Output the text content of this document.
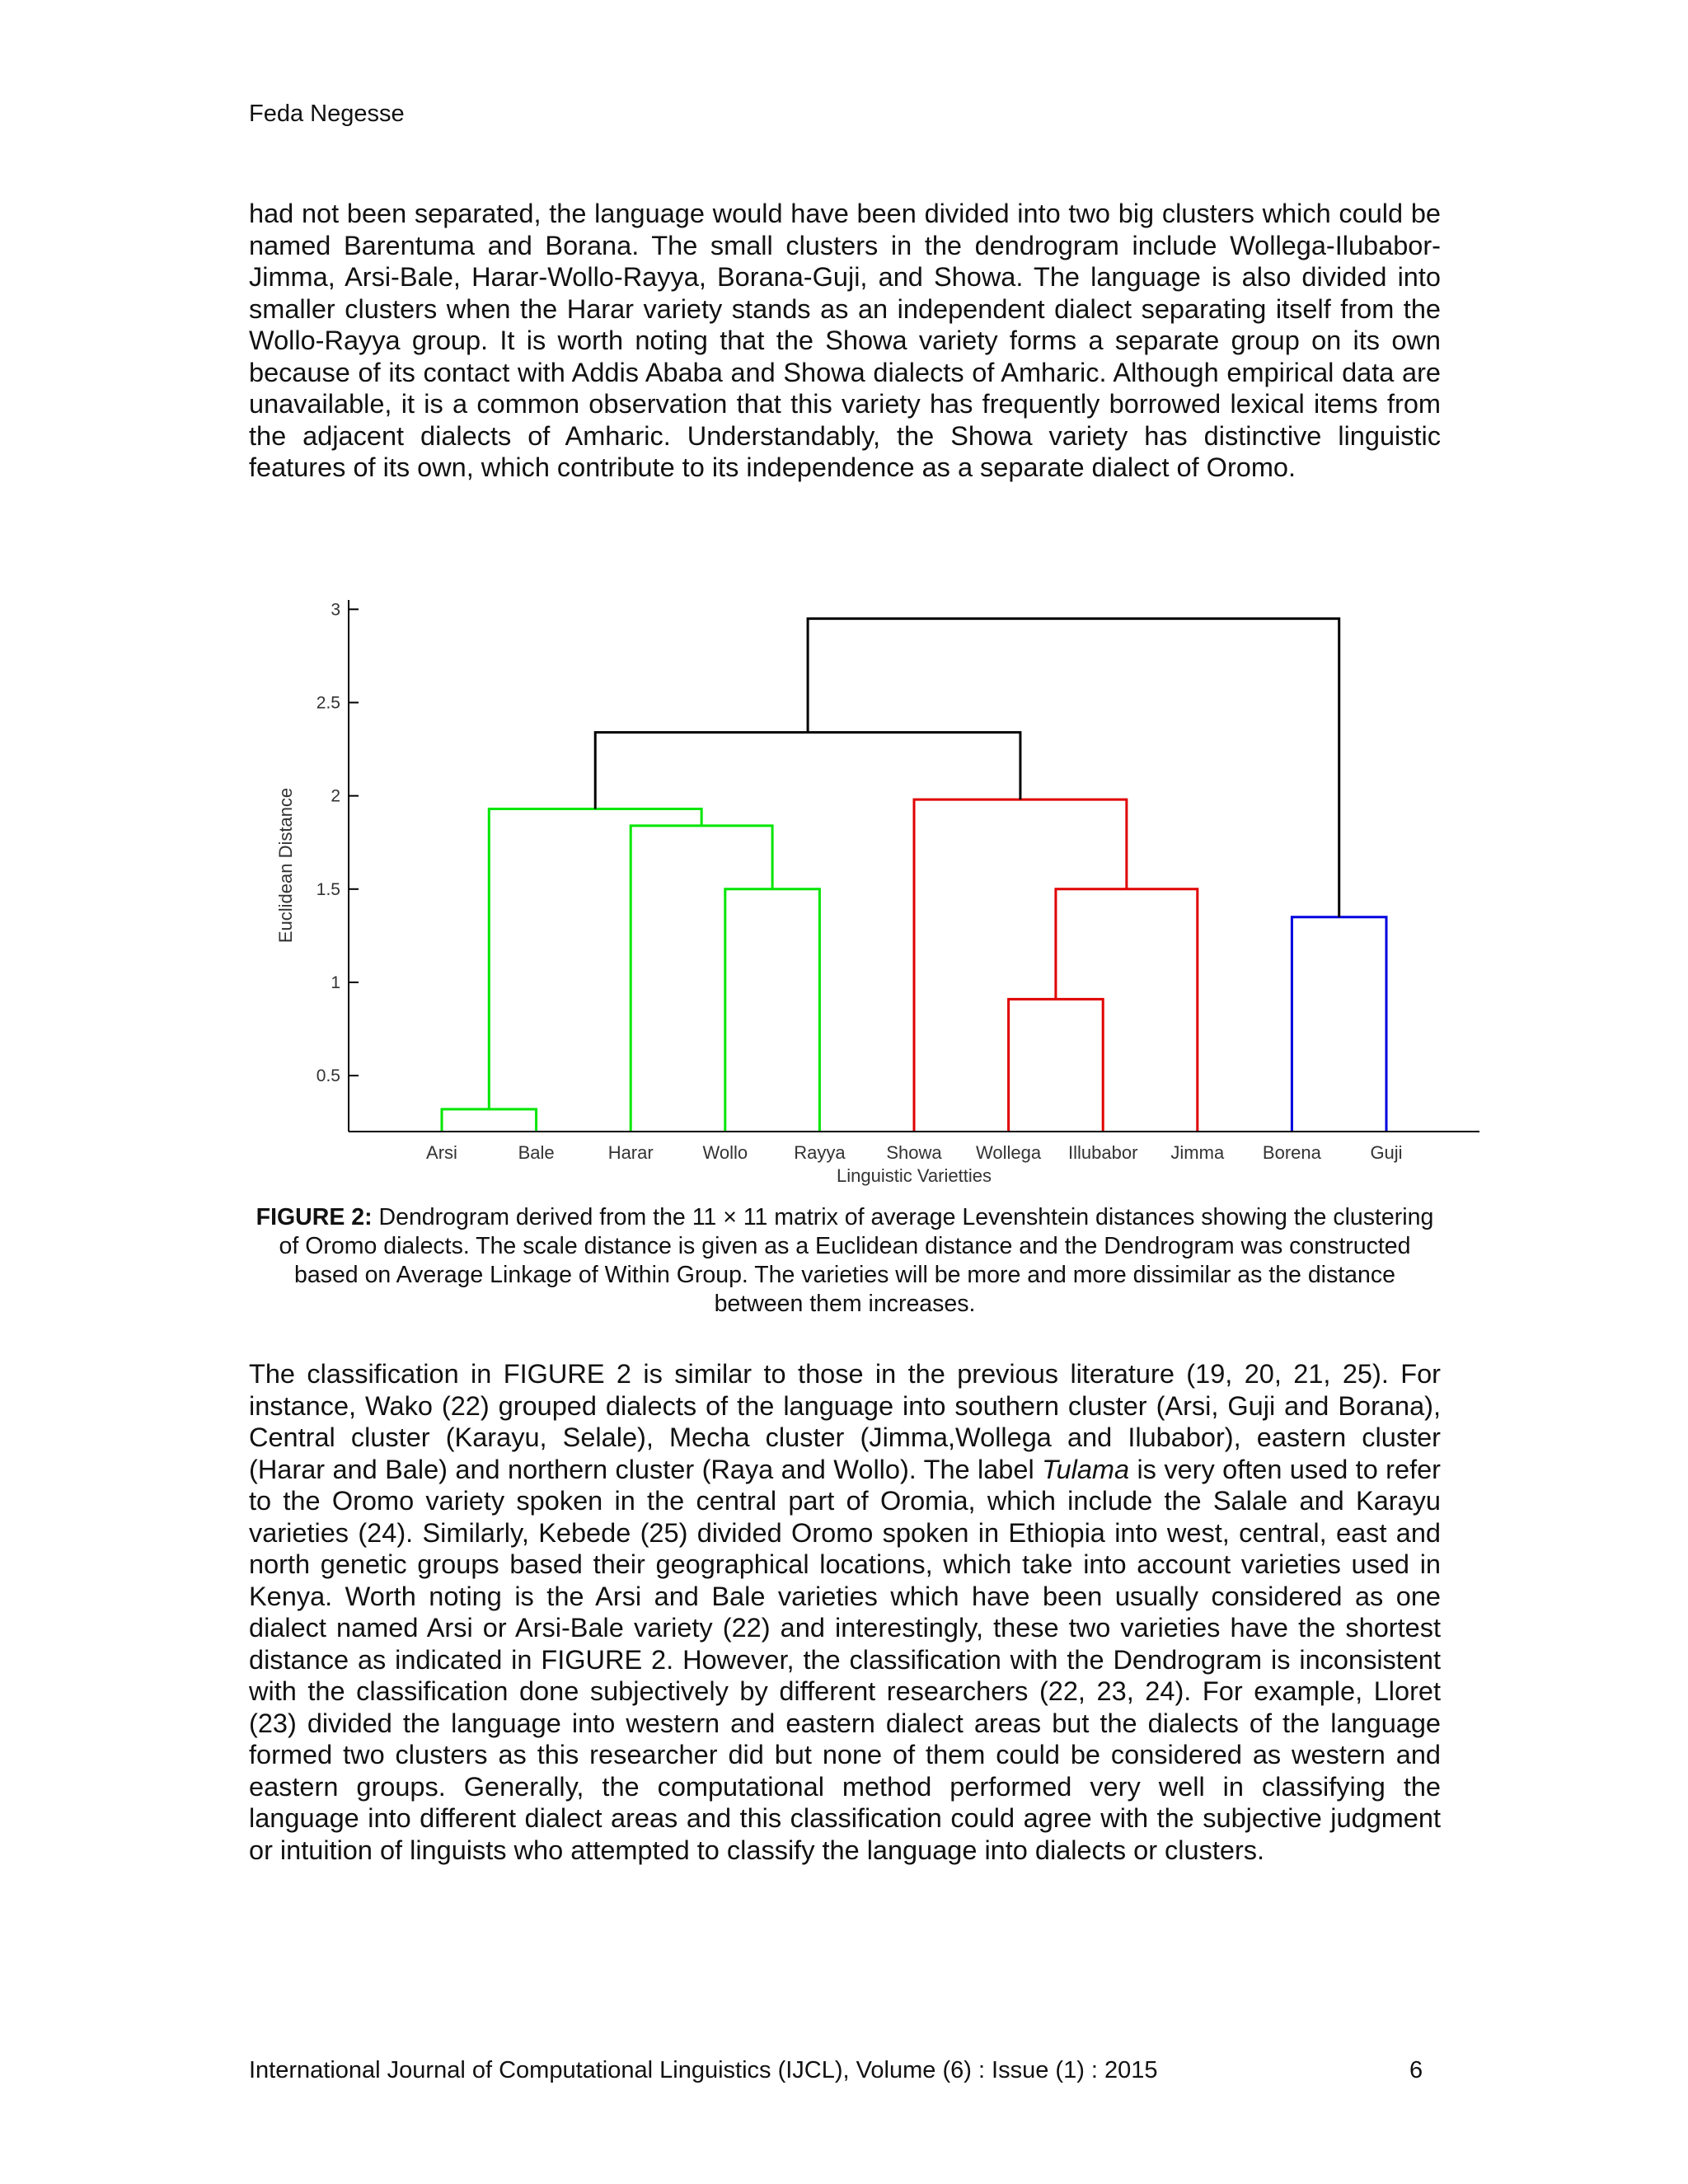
Feda Negesse

had not been separated, the language would have been divided into two big clusters which could be named Barentuma and Borana. The small clusters in the dendrogram include Wollega-Ilubabor-Jimma, Arsi-Bale, Harar-Wollo-Rayya, Borana-Guji, and Showa. The language is also divided into smaller clusters when the Harar variety stands as an independent dialect separating itself from the Wollo-Rayya group. It is worth noting that the Showa variety forms a separate group on its own because of its contact with Addis Ababa and Showa dialects of Amharic. Although empirical data are unavailable, it is a common observation that this variety has frequently borrowed lexical items from the adjacent dialects of Amharic. Understandably, the Showa variety has distinctive linguistic features of its own, which contribute to its independence as a separate dialect of Oromo.

0.5
1
1.5
2
2.5
3
Arsi	Bale	Harar	Wollo	Rayya Showa Wollega Illubabor Jimma Borena	Guji
Euclidean Distance
Linguistic Varietties

FIGURE 2: Dendrogram derived from the 11 × 11 matrix of average Levenshtein distances showing the clustering of Oromo dialects. The scale distance is given as a Euclidean distance and the Dendrogram was constructed based on Average Linkage of Within Group. The varieties will be more and more dissimilar as the distance between them increases.

The classification in FIGURE 2 is similar to those in the previous literature (19, 20, 21, 25). For instance, Wako (22) grouped dialects of the language into southern cluster (Arsi, Guji and Borana), Central cluster (Karayu, Selale), Mecha cluster (Jimma,Wollega and Ilubabor), eastern cluster (Harar and Bale) and northern cluster (Raya and Wollo). The label Tulama is very often used to refer to the Oromo variety spoken in the central part of Oromia, which include the Salale and Karayu varieties (24). Similarly, Kebede (25) divided Oromo spoken in Ethiopia into west, central, east and north genetic groups based their geographical locations, which take into account varieties used in Kenya. Worth noting is the Arsi and Bale varieties which have been usually considered as one dialect named Arsi or Arsi-Bale variety (22) and interestingly, these two varieties have the shortest distance as indicated in FIGURE 2. However, the classification with the Dendrogram is inconsistent with the classification done subjectively by different researchers (22, 23, 24). For example, Lloret (23) divided the language into western and eastern dialect areas but the dialects of the language formed two clusters as this researcher did but none of them could be considered as western and eastern groups. Generally, the computational method performed very well in classifying the language into different dialect areas and this classification could agree with the subjective judgment or intuition of linguists who attempted to classify the language into dialects or clusters.

International Journal of Computational Linguistics (IJCL), Volume (6) : Issue (1) : 2015	6
